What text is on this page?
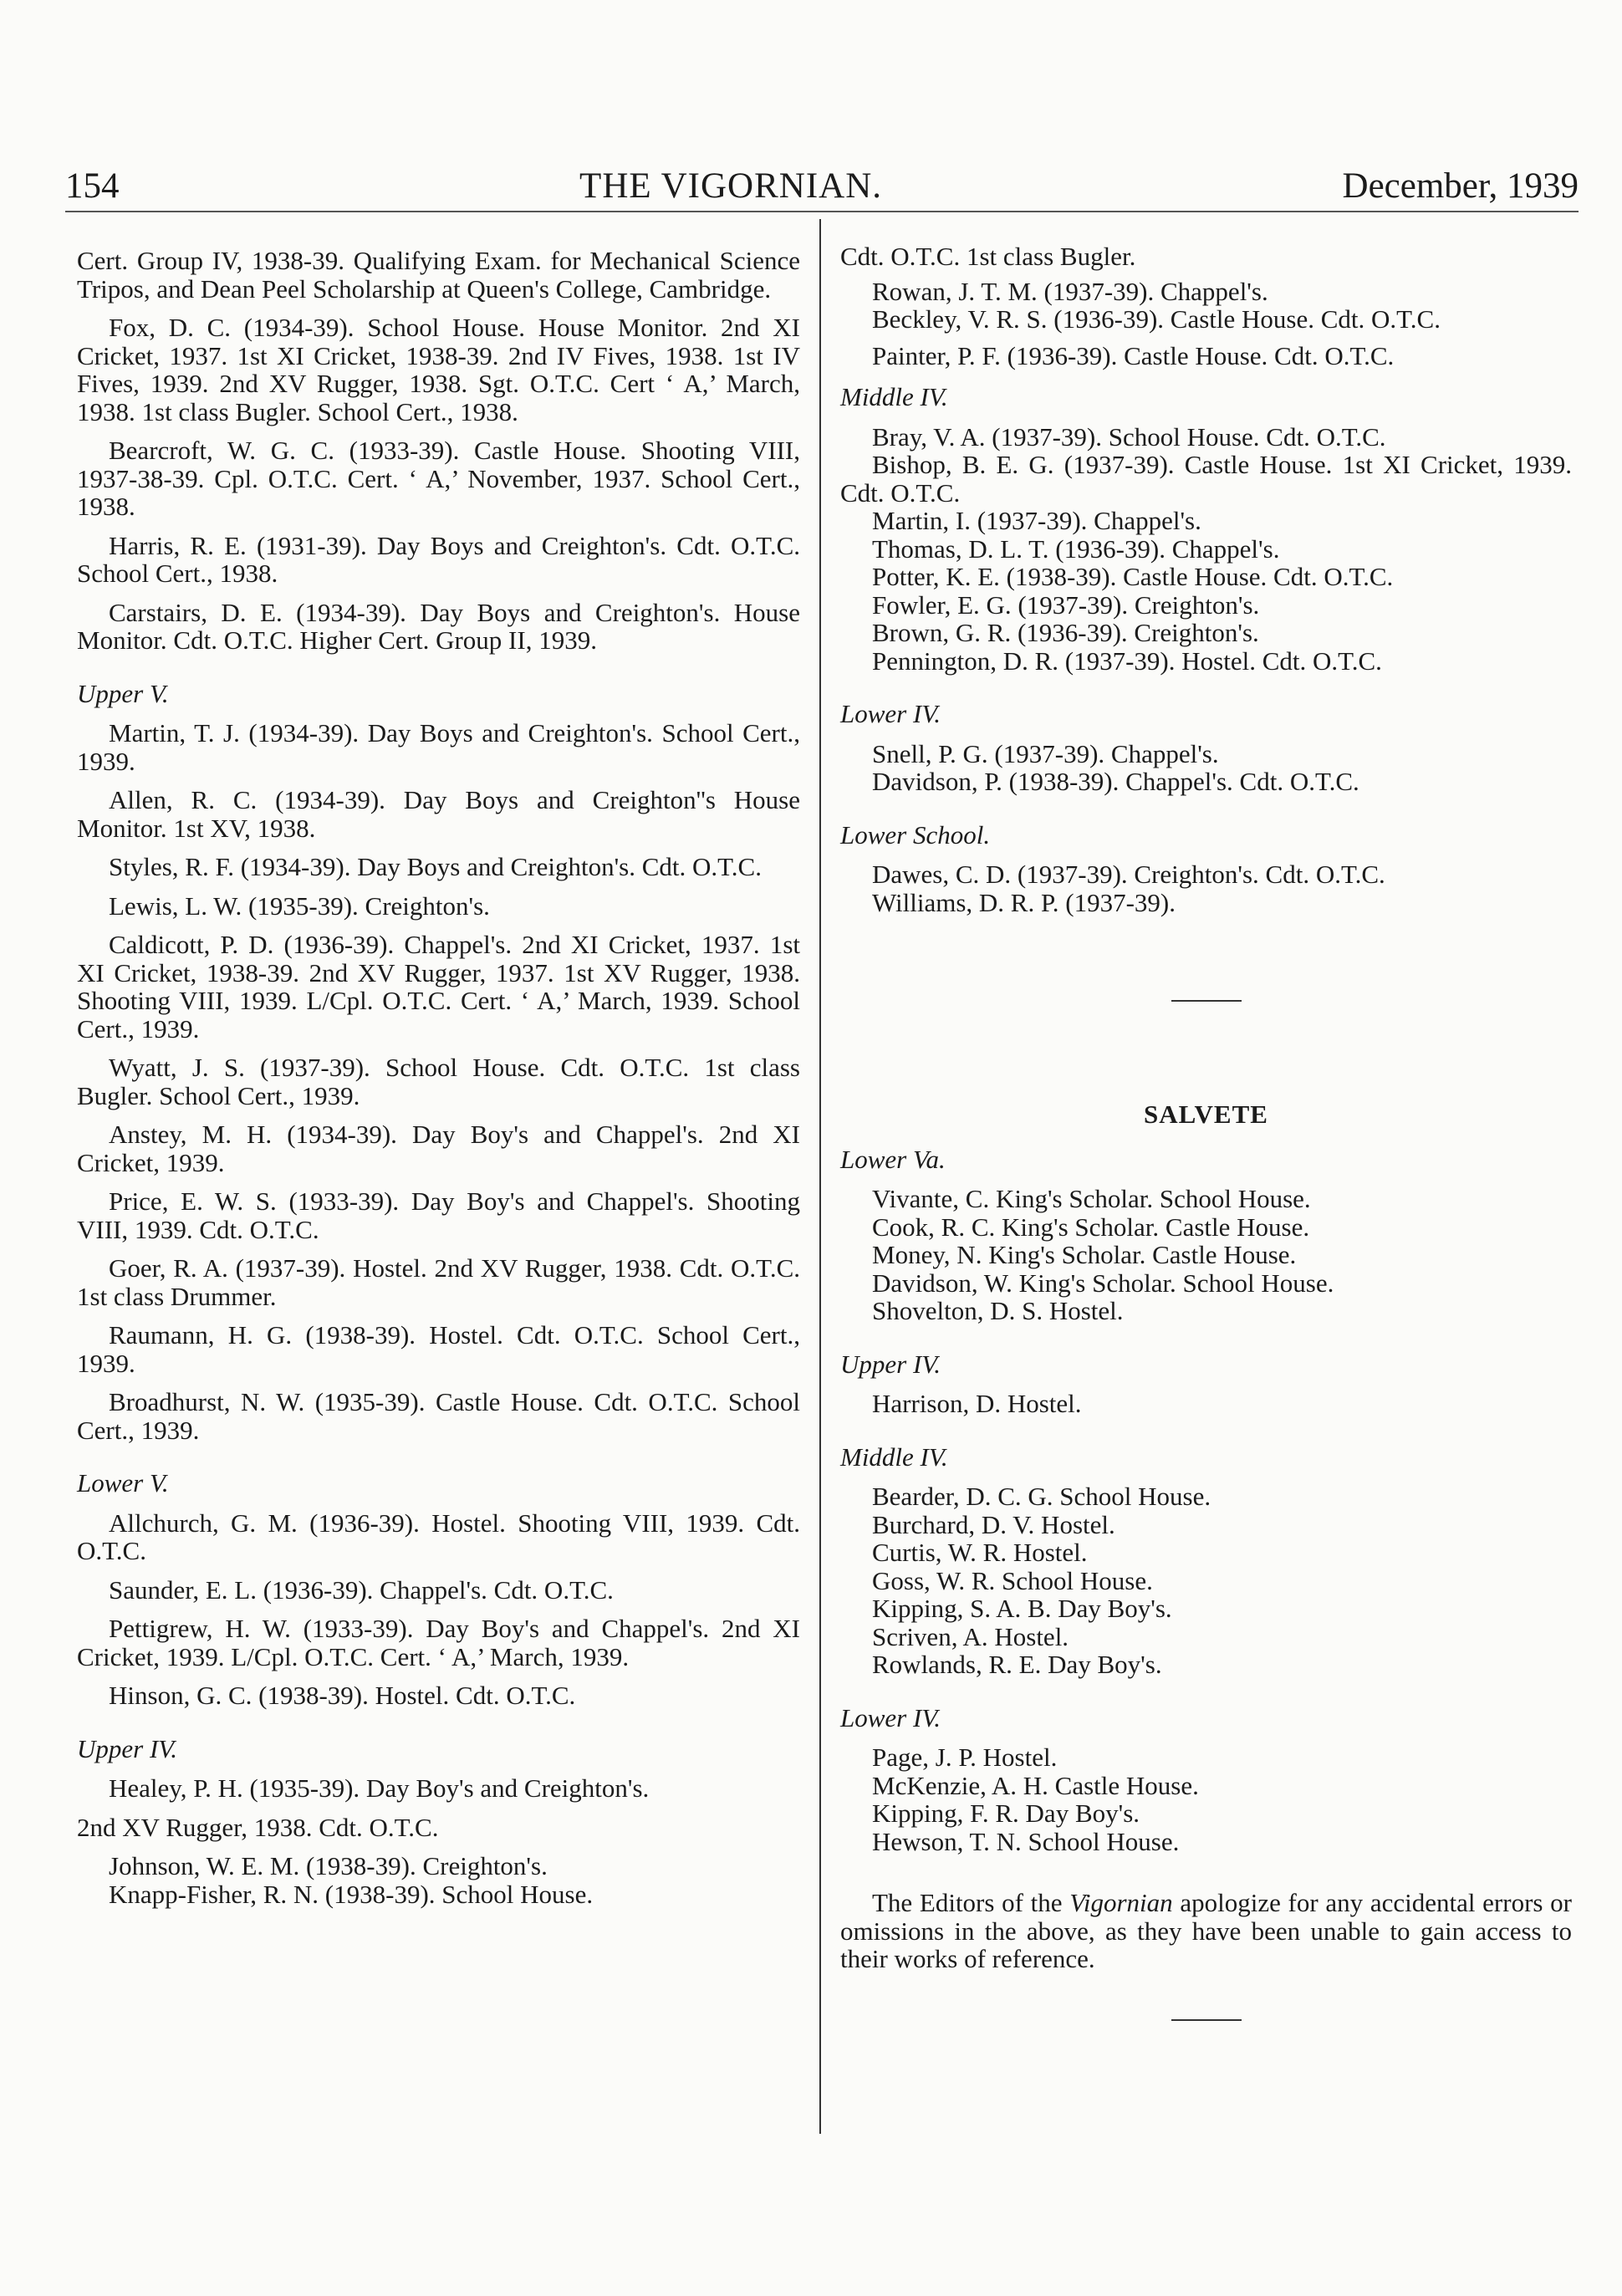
154	THE VIGORNIAN.	December, 1939

Cert. Group IV, 1938-39. Qualifying Exam. for Mechanical Science Tripos, and Dean Peel Scholarship at Queen's College, Cambridge.

Fox, D. C. (1934-39). School House. House Monitor. 2nd XI Cricket, 1937. 1st XI Cricket, 1938-39. 2nd IV Fives, 1938. 1st IV Fives, 1939. 2nd XV Rugger, 1938. Sgt. O.T.C. Cert ‘ A,’ March, 1938. 1st class Bugler. School Cert., 1938.

Bearcroft, W. G. C. (1933-39). Castle House. Shooting VIII, 1937-38-39. Cpl. O.T.C. Cert. ‘ A,’ November, 1937. School Cert., 1938.

Harris, R. E. (1931-39). Day Boys and Creighton's. Cdt. O.T.C. School Cert., 1938.

Carstairs, D. E. (1934-39). Day Boys and Creighton's. House Monitor. Cdt. O.T.C. Higher Cert. Group II, 1939.

Upper V.

Martin, T. J. (1934-39). Day Boys and Creighton's. School Cert., 1939.

Allen, R. C. (1934-39). Day Boys and Creighton''s House Monitor. 1st XV, 1938.

Styles, R. F. (1934-39). Day Boys and Creighton's. Cdt. O.T.C.

Lewis, L. W. (1935-39). Creighton's.

Caldicott, P. D. (1936-39). Chappel's. 2nd XI Cricket, 1937. 1st XI Cricket, 1938-39. 2nd XV Rugger, 1937. 1st XV Rugger, 1938. Shooting VIII, 1939. L/Cpl. O.T.C. Cert. ‘ A,’ March, 1939. School Cert., 1939.

Wyatt, J. S. (1937-39). School House. Cdt. O.T.C. 1st class Bugler. School Cert., 1939.

Anstey, M. H. (1934-39). Day Boy's and Chappel's. 2nd XI Cricket, 1939.

Price, E. W. S. (1933-39). Day Boy's and Chappel's. Shooting VIII, 1939. Cdt. O.T.C.

Goer, R. A. (1937-39). Hostel. 2nd XV Rugger, 1938. Cdt. O.T.C. 1st class Drummer.

Raumann, H. G. (1938-39). Hostel. Cdt. O.T.C. School Cert., 1939.

Broadhurst, N. W. (1935-39). Castle House. Cdt. O.T.C. School Cert., 1939.

Lower V.

Allchurch, G. M. (1936-39). Hostel. Shooting VIII, 1939. Cdt. O.T.C.

Saunder, E. L. (1936-39). Chappel's. Cdt. O.T.C.

Pettigrew, H. W. (1933-39). Day Boy's and Chappel's. 2nd XI Cricket, 1939. L/Cpl. O.T.C. Cert. ‘ A,’ March, 1939.

Hinson, G. C. (1938-39). Hostel. Cdt. O.T.C.

Upper IV.

Healey, P. H. (1935-39). Day Boy's and Creighton's.

2nd XV Rugger, 1938. Cdt. O.T.C.

Johnson, W. E. M. (1938-39). Creighton's.

Knapp-Fisher, R. N. (1938-39). School House.

Cdt. O.T.C. 1st class Bugler.

Rowan, J. T. M. (1937-39). Chappel's.

Beckley, V. R. S. (1936-39). Castle House. Cdt. O.T.C.

Painter, P. F. (1936-39). Castle House. Cdt. O.T.C.

Middle IV.

Bray, V. A. (1937-39). School House. Cdt. O.T.C.

Bishop, B. E. G. (1937-39). Castle House. 1st XI Cricket, 1939. Cdt. O.T.C.

Martin, I. (1937-39). Chappel's.

Thomas, D. L. T. (1936-39). Chappel's.

Potter, K. E. (1938-39). Castle House. Cdt. O.T.C.

Fowler, E. G. (1937-39). Creighton's.

Brown, G. R. (1936-39). Creighton's.

Pennington, D. R. (1937-39). Hostel. Cdt. O.T.C.

Lower IV.

Snell, P. G. (1937-39). Chappel's.

Davidson, P. (1938-39). Chappel's. Cdt. O.T.C.

Lower School.

Dawes, C. D. (1937-39). Creighton's. Cdt. O.T.C.

Williams, D. R. P. (1937-39).

SALVETE

Lower Va.

Vivante, C. King's Scholar. School House.

Cook, R. C. King's Scholar. Castle House.

Money, N. King's Scholar. Castle House.

Davidson, W. King's Scholar. School House.

Shovelton, D. S. Hostel.

Upper IV.

Harrison, D. Hostel.

Middle IV.

Bearder, D. C. G. School House.

Burchard, D. V. Hostel.

Curtis, W. R. Hostel.

Goss, W. R. School House.

Kipping, S. A. B. Day Boy's.

Scriven, A. Hostel.

Rowlands, R. E. Day Boy's.

Lower IV.

Page, J. P. Hostel.

McKenzie, A. H. Castle House.

Kipping, F. R. Day Boy's.

Hewson, T. N. School House.

The Editors of the Vigornian apologize for any accidental errors or omissions in the above, as they have been unable to gain access to their works of reference.
